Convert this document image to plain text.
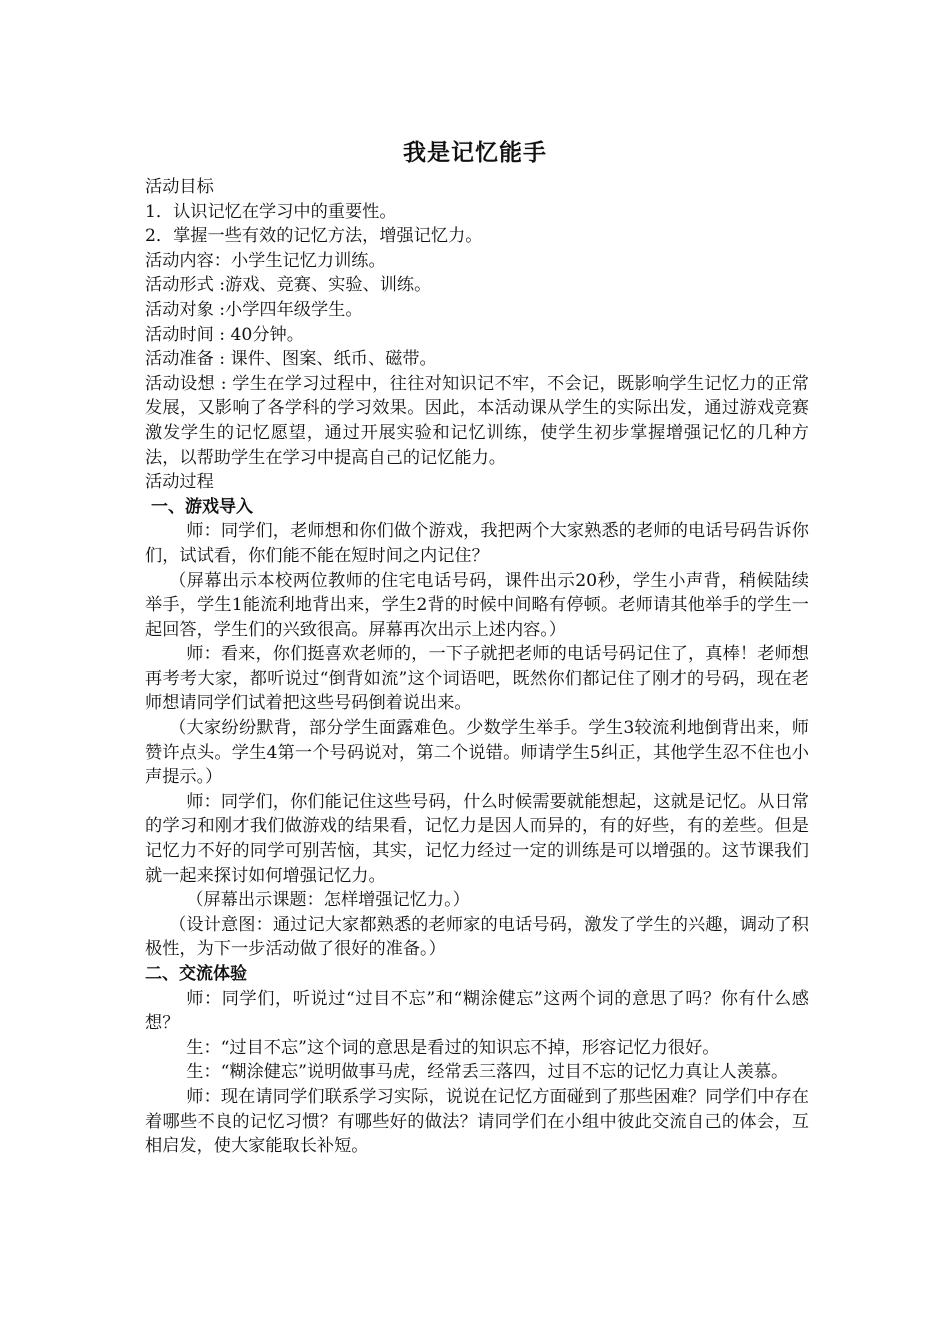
我是记忆能手

活动目标

1．认识记忆在学习中的重要性。

2．掌握一些有效的记忆方法，增强记忆力。

活动内容：小学生记忆力训练。

活动形式 :游戏、竞赛、实验、训练。

活动对象 :小学四年级学生。

活动时间 : 40分钟。

活动准备 : 课件、图案、纸币、磁带。

活动设想 : 学生在学习过程中，往往对知识记不牢，不会记，既影响学生记忆力的正常发展，又影响了各学科的学习效果。因此，本活动课从学生的实际出发，通过游戏竞赛激发学生的记忆愿望，通过开展实验和记忆训练，使学生初步掌握增强记忆的几种方法，以帮助学生在学习中提高自己的记忆能力。

活动过程

一、游戏导入

师：同学们，老师想和你们做个游戏，我把两个大家熟悉的老师的电话号码告诉你们，试试看，你们能不能在短时间之内记住？

（屏幕出示本校两位教师的住宅电话号码，课件出示20秒，学生小声背，稍候陆续举手，学生1能流利地背出来，学生2背的时候中间略有停顿。老师请其他举手的学生一起回答，学生们的兴致很高。屏幕再次出示上述内容。）

师：看来，你们挺喜欢老师的，一下子就把老师的电话号码记住了，真棒！老师想再考考大家，都听说过“倒背如流”这个词语吧，既然你们都记住了刚才的号码，现在老师想请同学们试着把这些号码倒着说出来。

（大家纷纷默背，部分学生面露难色。少数学生举手。学生3较流利地倒背出来，师赞许点头。学生4第一个号码说对，第二个说错。师请学生5纠正，其他学生忍不住也小声提示。）

师：同学们，你们能记住这些号码，什么时候需要就能想起，这就是记忆。从日常的学习和刚才我们做游戏的结果看，记忆力是因人而异的，有的好些，有的差些。但是记忆力不好的同学可别苦恼，其实，记忆力经过一定的训练是可以增强的。这节课我们就一起来探讨如何增强记忆力。

（屏幕出示课题：怎样增强记忆力。）

（设计意图：通过记大家都熟悉的老师家的电话号码，激发了学生的兴趣，调动了积极性，为下一步活动做了很好的准备。）

二、交流体验

师：同学们，听说过“过目不忘”和“糊涂健忘”这两个词的意思了吗？你有什么感想？

生：“过目不忘”这个词的意思是看过的知识忘不掉，形容记忆力很好。

生：“糊涂健忘”说明做事马虎，经常丢三落四，过目不忘的记忆力真让人羡慕。

师：现在请同学们联系学习实际，说说在记忆方面碰到了那些困难？同学们中存在着哪些不良的记忆习惯？有哪些好的做法？请同学们在小组中彼此交流自己的体会，互相启发，使大家能取长补短。
